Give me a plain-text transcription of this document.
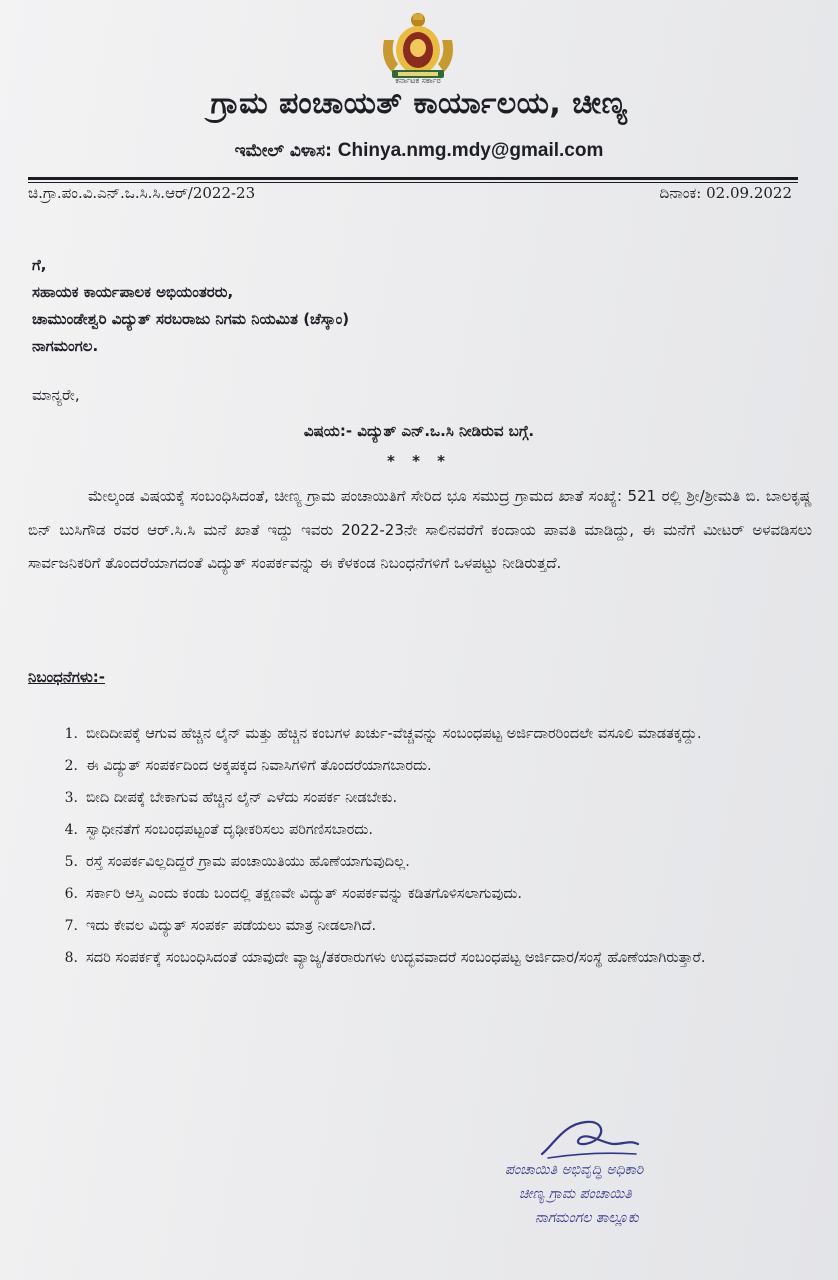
ಕರ್ನಾಟಕ ಸರ್ಕಾರ
ಗ್ರಾಮ ಪಂಚಾಯತ್ ಕಾರ್ಯಾಲಯ, ಚೀಣ್ಯ
ಇಮೇಲ್ ವಿಳಾಸ: Chinya.nmg.mdy@gmail.com
ಚಿ.ಗ್ರಾ.ಪಂ.ವಿ.ಎನ್.ಒ.ಸಿ.ಸಿ.ಆರ್/2022-23	ದಿನಾಂಕ: 02.09.2022
ಗೆ,
ಸಹಾಯಕ ಕಾರ್ಯಪಾಲಕ ಅಭಿಯಂತರರು,
ಚಾಮುಂಡೇಶ್ವರಿ ವಿದ್ಯುತ್ ಸರಬರಾಜು ನಿಗಮ ನಿಯಮಿತ (ಚೆಸ್ಕಾಂ)
ನಾಗಮಂಗಲ.
ಮಾನ್ಯರೇ,
ವಿಷಯ:- ವಿದ್ಯುತ್ ಎನ್.ಒ.ಸಿ ನೀಡಿರುವ ಬಗ್ಗೆ.
* * *
ಮೇಲ್ಕಂಡ ವಿಷಯಕ್ಕೆ ಸಂಬಂಧಿಸಿದಂತೆ, ಚೀಣ್ಯ ಗ್ರಾಮ ಪಂಚಾಯಿತಿಗೆ ಸೇರಿದ ಭೂ ಸಮುದ್ರ ಗ್ರಾಮದ ಖಾತೆ ಸಂಖ್ಯೆ: 521 ರಲ್ಲಿ ಶ್ರೀ/ಶ್ರೀಮತಿ ಬಿ. ಬಾಲಕೃಷ್ಣ ಬಿನ್ ಬುಸಿಗೌಡ ರವರ ಆರ್.ಸಿ.ಸಿ ಮನೆ ಖಾತೆ ಇದ್ದು ಇವರು 2022-23ನೇ ಸಾಲಿನವರೆಗೆ ಕಂದಾಯ ಪಾವತಿ ಮಾಡಿದ್ದು, ಈ ಮನೆಗೆ ಮೀಟರ್ ಅಳವಡಿಸಲು ಸಾರ್ವಜನಿಕರಿಗೆ ತೊಂದರೆಯಾಗದಂತೆ ವಿದ್ಯುತ್ ಸಂಪರ್ಕವನ್ನು ಈ ಕೆಳಕಂಡ ನಿಬಂಧನೆಗಳಿಗೆ ಒಳಪಟ್ಟು ನೀಡಿರುತ್ತದೆ.
ನಿಬಂಧನೆಗಳು:-
1. ಬೀದಿದೀಪಕ್ಕೆ ಆಗುವ ಹೆಚ್ಚಿನ ಲೈನ್ ಮತ್ತು ಹೆಚ್ಚಿನ ಕಂಬಗಳ ಖರ್ಚು-ವೆಚ್ಚವನ್ನು ಸಂಬಂಧಪಟ್ಟ ಅರ್ಜಿದಾರರಿಂದಲೇ ವಸೂಲಿ ಮಾಡತಕ್ಕದ್ದು.
2. ಈ ವಿದ್ಯುತ್ ಸಂಪರ್ಕದಿಂದ ಅಕ್ಕಪಕ್ಕದ ನಿವಾಸಿಗಳಿಗೆ ತೊಂದರೆಯಾಗಬಾರದು.
3. ಬೀದಿ ದೀಪಕ್ಕೆ ಬೇಕಾಗುವ ಹೆಚ್ಚಿನ ಲೈನ್ ಎಳೆದು ಸಂಪರ್ಕ ನೀಡಬೇಕು.
4. ಸ್ವಾಧೀನತೆಗೆ ಸಂಬಂಧಪಟ್ಟಂತೆ ದೃಢೀಕರಿಸಲು ಪರಿಗಣಿಸಬಾರದು.
5. ರಸ್ತೆ ಸಂಪರ್ಕವಿಲ್ಲದಿದ್ದರೆ ಗ್ರಾಮ ಪಂಚಾಯಿತಿಯು ಹೊಣೆಯಾಗುವುದಿಲ್ಲ.
6. ಸರ್ಕಾರಿ ಆಸ್ತಿ ಎಂದು ಕಂಡು ಬಂದಲ್ಲಿ ತಕ್ಷಣವೇ ವಿದ್ಯುತ್ ಸಂಪರ್ಕವನ್ನು ಕಡಿತಗೊಳಿಸಲಾಗುವುದು.
7. ಇದು ಕೇವಲ ವಿದ್ಯುತ್ ಸಂಪರ್ಕ ಪಡೆಯಲು ಮಾತ್ರ ನೀಡಲಾಗಿದೆ.
8. ಸದರಿ ಸಂಪರ್ಕಕ್ಕೆ ಸಂಬಂಧಿಸಿದಂತೆ ಯಾವುದೇ ವ್ಯಾಜ್ಯ/ತಕರಾರುಗಳು ಉದ್ಭವವಾದರೆ ಸಂಬಂಧಪಟ್ಟ ಅರ್ಜಿದಾರ/ಸಂಸ್ಥೆ ಹೊಣೆಯಾಗಿರುತ್ತಾರೆ.
ಪಂಚಾಯಿತಿ ಅಭಿವೃದ್ಧಿ ಅಧಿಕಾರಿ
ಚೀಣ್ಯ ಗ್ರಾಮ ಪಂಚಾಯಿತಿ
ನಾಗಮಂಗಲ ತಾಲ್ಲೂಕು
